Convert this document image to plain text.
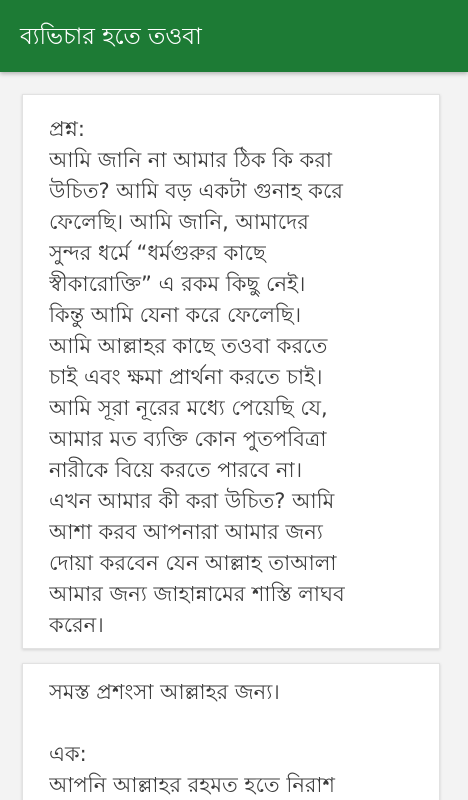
ব্যভিচার হতে তওবা
প্রশ্ন:
আমি জানি না আমার ঠিক কি করা
উচিত? আমি বড় একটা গুনাহ করে
ফেলেছি। আমি জানি, আমাদের
সুন্দর ধর্মে “ধর্মগুরুর কাছে
স্বীকারোক্তি” এ রকম কিছু নেই।
কিন্তু আমি যেনা করে ফেলেছি।
আমি আল্লাহর কাছে তওবা করতে
চাই এবং ক্ষমা প্রার্থনা করতে চাই।
আমি সূরা নূরের মধ্যে পেয়েছি যে,
আমার মত ব্যক্তি কোন পুতপবিত্রা
নারীকে বিয়ে করতে পারবে না।
এখন আমার কী করা উচিত? আমি
আশা করব আপনারা আমার জন্য
দোয়া করবেন যেন আল্লাহ তাআলা
আমার জন্য জাহান্নামের শাস্তি লাঘব
করেন।
সমস্ত প্রশংসা আল্লাহর জন্য।
এক:
আপনি আল্লাহর রহমত হতে নিরাশ
